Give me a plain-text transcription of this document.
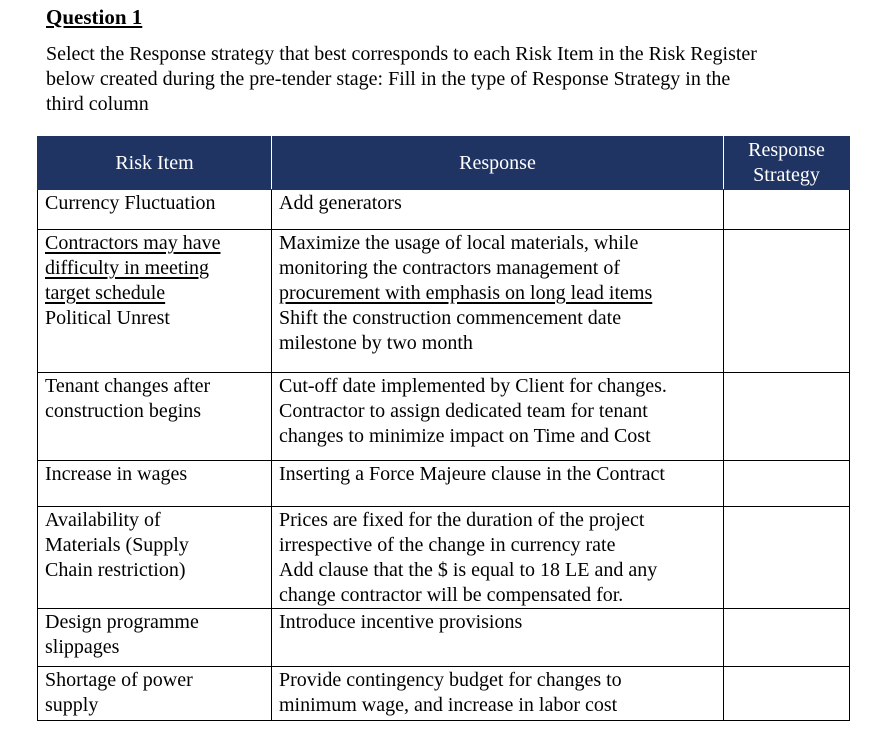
Question 1

Select the Response strategy that best corresponds to each Risk Item in the Risk Register
below created during the pre-tender stage: Fill in the type of Response Strategy in the
third column

Risk Item	Response	Response
Strategy

Currency Fluctuation	Add generators	

Contractors may have
difficulty in meeting
target schedule
Political Unrest	Maximize the usage of local materials, while
monitoring the contractors management of
procurement with emphasis on long lead items
Shift the construction commencement date
milestone by two month	

Tenant changes after
construction begins	Cut-off date implemented by Client for changes.
Contractor to assign dedicated team for tenant
changes to minimize impact on Time and Cost	

Increase in wages	Inserting a Force Majeure clause in the Contract	

Availability of
Materials (Supply
Chain restriction)	Prices are fixed for the duration of the project
irrespective of the change in currency rate
Add clause that the $ is equal to 18 LE and any
change contractor will be compensated for.	

Design programme
slippages	Introduce incentive provisions	

Shortage of power
supply	Provide contingency budget for changes to
minimum wage, and increase in labor cost	
